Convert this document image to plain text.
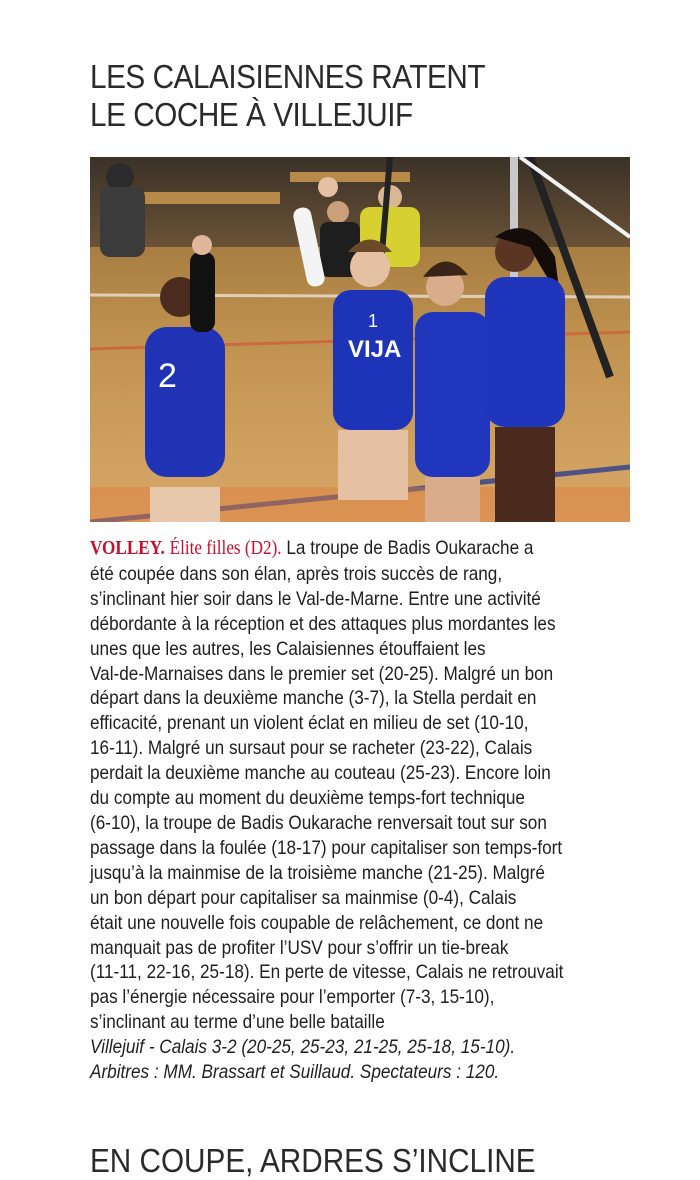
LES CALAISIENNES RATENT
LE COCHE À VILLEJUIF
2
VIJA
1
VOLLEY. Élite filles (D2). La troupe de Badis Oukarache a
été coupée dans son élan, après trois succès de rang,
s’inclinant hier soir dans le Val-de-Marne. Entre une activité
débordante à la réception et des attaques plus mordantes les
unes que les autres, les Calaisiennes étouffaient les
Val-de-Marnaises dans le premier set (20-25). Malgré un bon
départ dans la deuxième manche (3-7), la Stella perdait en
efficacité, prenant un violent éclat en milieu de set (10-10,
16-11). Malgré un sursaut pour se racheter (23-22), Calais
perdait la deuxième manche au couteau (25-23). Encore loin
du compte au moment du deuxième temps-fort technique
(6-10), la troupe de Badis Oukarache renversait tout sur son
passage dans la foulée (18-17) pour capitaliser son temps-fort
jusqu’à la mainmise de la troisième manche (21-25). Malgré
un bon départ pour capitaliser sa mainmise (0-4), Calais
était une nouvelle fois coupable de relâchement, ce dont ne
manquait pas de profiter l’USV pour s’offrir un tie-break
(11-11, 22-16, 25-18). En perte de vitesse, Calais ne retrouvait
pas l’énergie nécessaire pour l’emporter (7-3, 15-10),
s’inclinant au terme d’une belle bataille
Villejuif - Calais 3-2 (20-25, 25-23, 21-25, 25-18, 15-10).
Arbitres : MM. Brassart et Suillaud. Spectateurs : 120.
EN COUPE, ARDRES S’INCLINE
